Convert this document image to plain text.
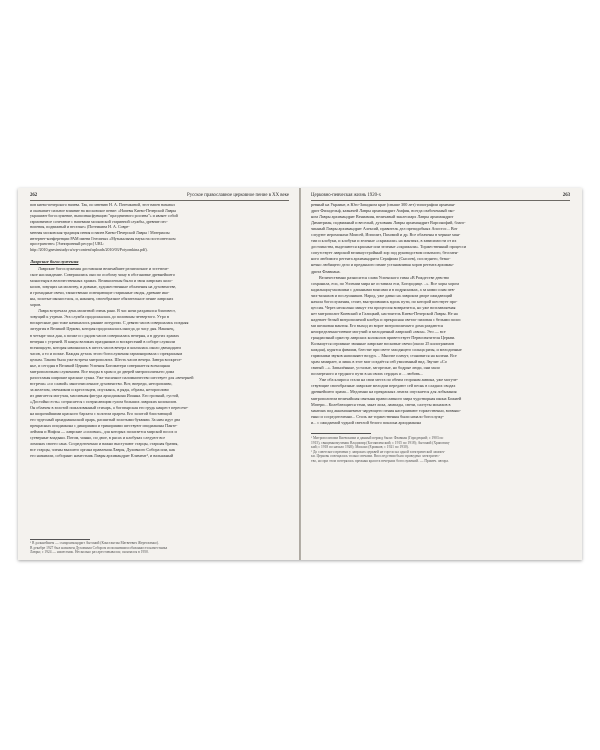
262	Русское православное церковное пение в XX веке
пов киево-печерского напева. Так, по мнению Н. А. Потемкиной, этот напев называл
и оказывает сильное влияние на московское пение: «Напевы Киево-Печерской Лавры
украшают богослужение, выполняя функцию "праздничного роспева"» и являет собой
гармоничное сочетание с напевами московской старинной службы, древние пес-
нопения, подвижный и веселые» (Потемкина Н. А. Совре-
менная московская традиция пения и напев Киево-Печерской Лавры / Материалы
интернет-конференции РАМ имени Гнесиных «Музыкальная наука на постсоветском
пространстве» [Электронный ресурс] URL:
http://2010.gnesinstudy.ru/wp-content/uploads/2010/03/Potyomkina.pdf).
Лаврские богослужения
Лаврские богослужения доставляли величайшее религиозное и эстетиче-
ское наслаждение. Совершались они по особому чину в обстановке древнейшего
монастыря в величественных храмах. Великолепны были и звон лаврских коло-
колов, зовущих на молитву, и дивные, художественные облачения на духовенстве,
и громадные свечи, таинственно освещающие старинные своды, древние ико-
ны, золотые иконостасы, и, наконец, своеобразное обязательное пение лаврских
хоров.
Лавра встречала день молитвой очень рано. В час ночи раздавался благовест,
зовущий к утрени. Эта служба продолжалась до половины четвертого. Утро в
воскресные дни тоже начиналось ранние литургии. С девяти часов совершалась поздняя
литургия в Великой Церкви, которая продолжалась иногда до часу дня. Наконец,
в четыре часа дня, а позже и с рядом часов совершалась вечерня, а в других храмах
вечерня с утреней. В канун великих праздников и воскресений в соборе служили
всенощную, которая начиналась в шесть часов вечера и кончалась около двенадцати
часов, а то и позже. Каждая деталь этого богослужения гармонировала с прекрасным
целым. Такова была уже встреча митрополита. Шесть часов вечера. Завтра воскресе-
нье, и сегодня в Великой Церкви Успения Богоматери совершается всенощная
митрополичьим служением. Все входы в храм и до дверей митрополичьего дома
разостланы широкие красные сукна. Уже тысячное паломничество шествует для «вечерней
встречи» «со славой» многочисленное духовенство. Вот, впереди, неторопливо,
за железом, свечником и кресельцем, опускаясь, в ряды, образы, неторопливо
из двигается могучая, массивная фигура архидиакона Иоанна. Его грозный, густой,
«Достойно есть» сотрясается с потрясающим гулом больших лаврских колоколов.
Он облачен в золотой пожалованный стихарь, а богатырская его грудь накрест пересече-
на широчайшими красного бархата с золотом орарем. Его золотой блистающий
его чудесный архидиаконский орарь, расшитый золотыми буквами. За ним идут два
прекрасных иподиакона с дикириями и трикириями шествуют иподиаконы Панте-
леймон и Нифон — лаврские «соловьи», для которых полагается мирской посох и
суеверные владыки. Потом, чинно, по двое, в рясах и клобуках следуют все
ломонах своего сана. Сосредоточенно и важно выступают старцы, старшая братия,
все старцы, члены высшего органа правления Лавры, Духовного Собора или, как
его называли, соборяне: наместник Лавры архимандрит Климент¹, и вальяжный
¹ В дальнейшем — схиархимандрит Антоний (Константин Матвеевич Жерегженко).
В декабре 1927 был назначен Духовным Собором исполнившим обязанности наместника
Лавры; с 1924 — наместник. Несколько раз арестовывался; скончался в 1950.
Церковно-певческая жизнь 1920-х	263
ревный на Украине, в Юго-Западном крае (свыше 300 лет) типографии архиман-
дрит Филадельф, казначей Лавры архимандрит Амфин, всегда озабоченный эко-
ном Лавры архимандрит Вениамин, величавый экклесиарх Лавры архимандрит
Димитриан, подвижный и веселый, духовник Лавры архимандрит Варсонофий, благо-
чинный Лавры архимандрит Алексий, правитель дел преподобных Апостос... Вот
следуют иеромонахи Моисей, Ипполит, Пахомий и др. Все облачены в черные ман-
тии и клобуки, и клобуки и зеленые «скрижали» на мантиях, в зависимости от их
достоинства, выделяются красные или зеленые «скрижали». Торжественный процесси
сопутствует лаврский великоустройный хор под руководством опытного, бессмен-
ного любимого регента архимандрита Серафима (Сысоев), последнего, безко-
нечно любящего дело и преданного пение устанавливая хоров регента архиман-
дрита Флавиана.
Величественно разносится слава Успенского гимн «В Рождестве девство
сохранила, еси, по Успении мира не оставила еси, Богородице…». Все хоры хором
кадильщиц-мальчики с длинными вонсами и в подрясниках, а за ними сонм пев-
чих-монахов и послушников. Народ, уже давно на лаврском дворе ожидающий
начала богослужения, стоит, выстроившись вдоль пути, по которой шествует про-
цессия. Через несколько минут эта процессия возвратится, но уже возглавляемая
нет митрополит Киевский и Галицкий, настоятель Киево-Печерской Лавры. Не на
надевает белый митрополичий клобук и прекрасная светло-лиловая с белыми полос
ми шелковая мантия. Его выход из ворот митрополичьего дома раздаются
неопределенно-певчие могучий и мелодичный лаврский «звон». Это — все
грандиозный оркестр лаврских колоколов приветствует Первосвятителя Церкви.
Колышутся огромные звонные лаврские восковые свечи (около 25 килограммов
каждая), курятся фимиам, блестят при свете заходящего солнца ризы, и мелодичные
гармоники звуков наполняют воздух… Многие плачут, становятся на колени. Все
храм замирает, и лишь в этот миг создаётся сей умиленный вид. Звучит «Со
святый ...». Запылённые, усталые, загорелые, но бодрые люди, они мало
посмертного и трудного пути в на своих сердцах и ... любовь...
Уже оба клироса стали на свои места по обеим сторонам амвона, уже могуче-
ствующие своеобразные лаврские мелодии передают сей песнь в сладких сводах
древнейшего храма... Медленно на прекрасных лентах опускается для лобызания
митрополитом величайшая святыня православного мира чудотворная икона Божией
Матери... Колеблющиеся тени, закат лиха, лампады, свечи, салтуты монахов в
мантиях под аккомпанемент чарующего пения настраивают торжественно, возвыш-
енно и сосредоточенно... Столь же торжественны были начало богослужу-
и... с ожидаемой чудной светлой белого поклона архидиакона
¹ Митрополитами Киевскими и данный период были: Флавиан (Городецкий; с 1903 по
1915), священномученик Владимир (Богоявленский; с 1915 по 1918); Антоний (Храповиц-
кий; с 1918 по начало 1920); Михаил (Ермаков; с 1921 по 1930).
² До советского времени у лаврских церквей не горело на одной электрической лампоч-
ки. Церковь освещалась только свечами. Впоследствии было проведено электричес-
тво, но при этом потерялась прежняя красота вечерних богослужений. — Примеч. автора.
